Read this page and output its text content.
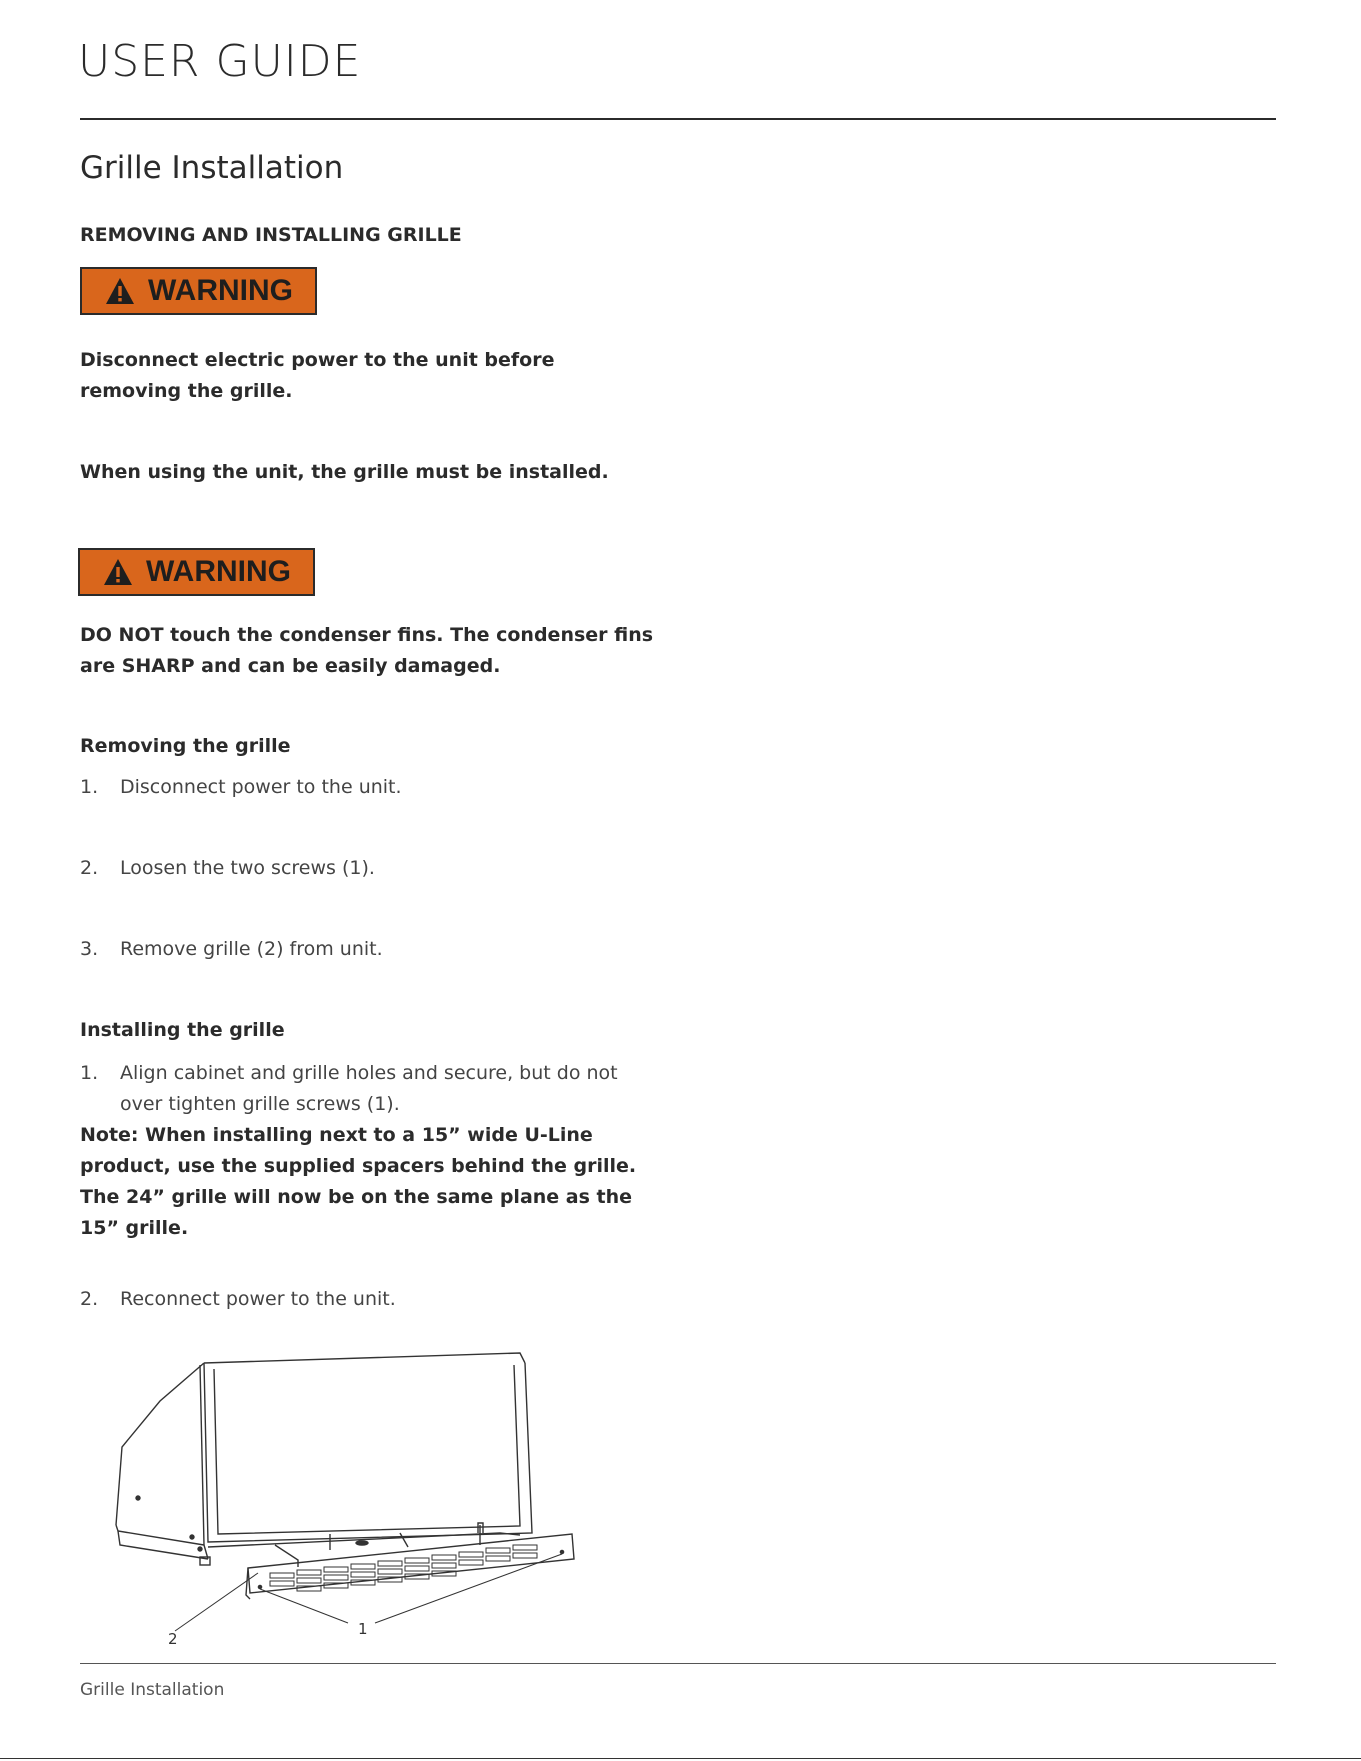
USER GUIDE
Grille Installation
REMOVING AND INSTALLING GRILLE
WARNING
Disconnect electric power to the unit before removing the grille.
When using the unit, the grille must be installed.
WARNING
DO NOT touch the condenser fins. The condenser fins are SHARP and can be easily damaged.
Removing the grille
1. Disconnect power to the unit.
2. Loosen the two screws (1).
3. Remove grille (2) from unit.
Installing the grille
1. Align cabinet and grille holes and secure, but do not over tighten grille screws (1).
Note: When installing next to a 15” wide U-Line product, use the supplied spacers behind the grille. The 24” grille will now be on the same plane as the 15” grille.
2. Reconnect power to the unit.
1
2
Grille Installation
